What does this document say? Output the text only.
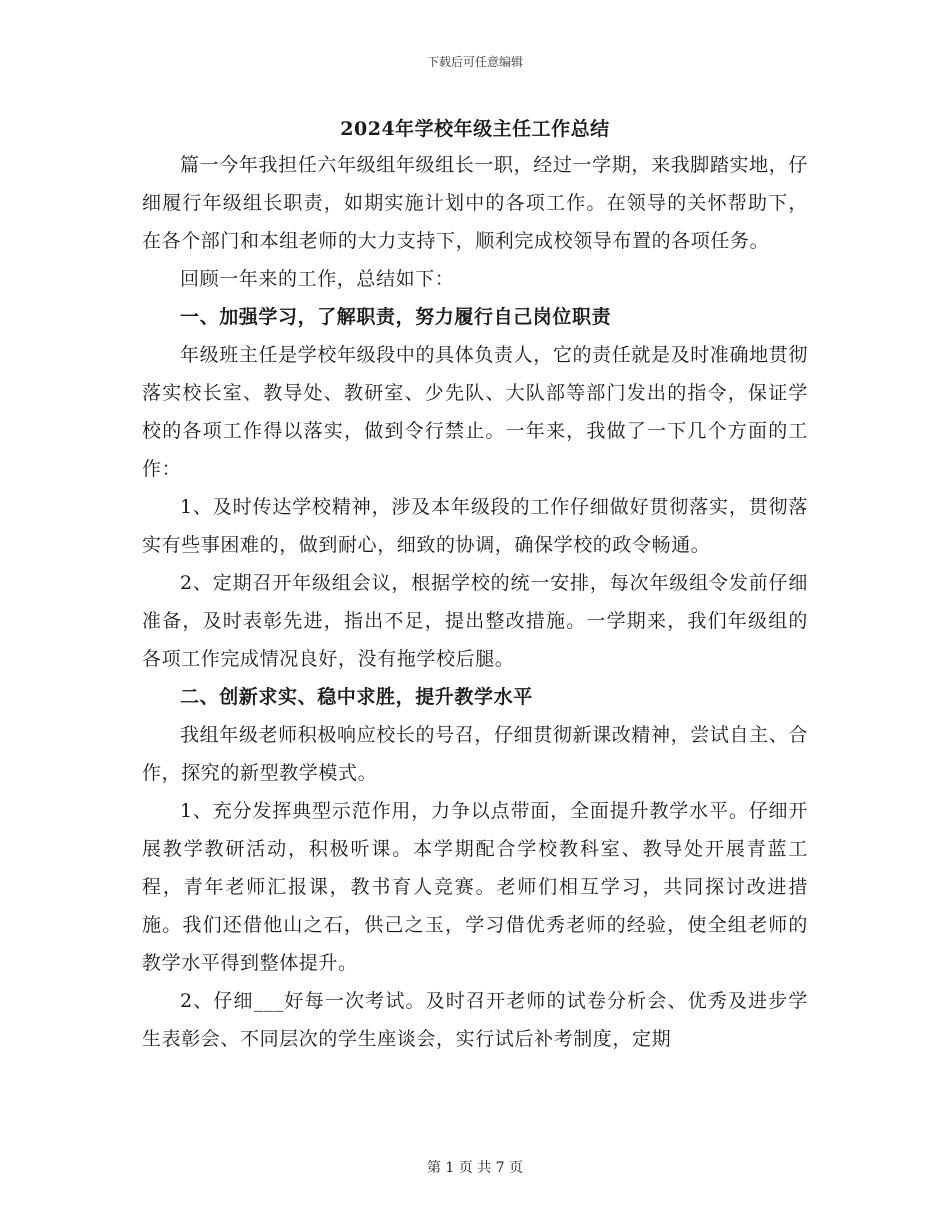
下载后可任意编辑
2024年学校年级主任工作总结

篇一今年我担任六年级组年级组长一职，经过一学期，来我脚踏实地，仔细履行年级组长职责，如期实施计划中的各项工作。在领导的关怀帮助下，在各个部门和本组老师的大力支持下，顺利完成校领导布置的各项任务。

回顾一年来的工作，总结如下：

一、加强学习，了解职责，努力履行自己岗位职责

年级班主任是学校年级段中的具体负责人，它的责任就是及时准确地贯彻落实校长室、教导处、教研室、少先队、大队部等部门发出的指令，保证学校的各项工作得以落实，做到令行禁止。一年来，我做了一下几个方面的工作：

1、及时传达学校精神，涉及本年级段的工作仔细做好贯彻落实，贯彻落实有些事困难的，做到耐心，细致的协调，确保学校的政令畅通。

2、定期召开年级组会议，根据学校的统一安排，每次年级组令发前仔细准备，及时表彰先进，指出不足，提出整改措施。一学期来，我们年级组的各项工作完成情况良好，没有拖学校后腿。

二、创新求实、稳中求胜，提升教学水平

我组年级老师积极响应校长的号召，仔细贯彻新课改精神，尝试自主、合作，探究的新型教学模式。

1、充分发挥典型示范作用，力争以点带面，全面提升教学水平。仔细开展教学教研活动，积极听课。本学期配合学校教科室、教导处开展青蓝工程，青年老师汇报课，教书育人竞赛。老师们相互学习，共同探讨改进措施。我们还借他山之石，供己之玉，学习借优秀老师的经验，使全组老师的教学水平得到整体提升。

2、仔细___好每一次考试。及时召开老师的试卷分析会、优秀及进步学生表彰会、不同层次的学生座谈会，实行试后补考制度，定期

第 1 页 共 7 页
